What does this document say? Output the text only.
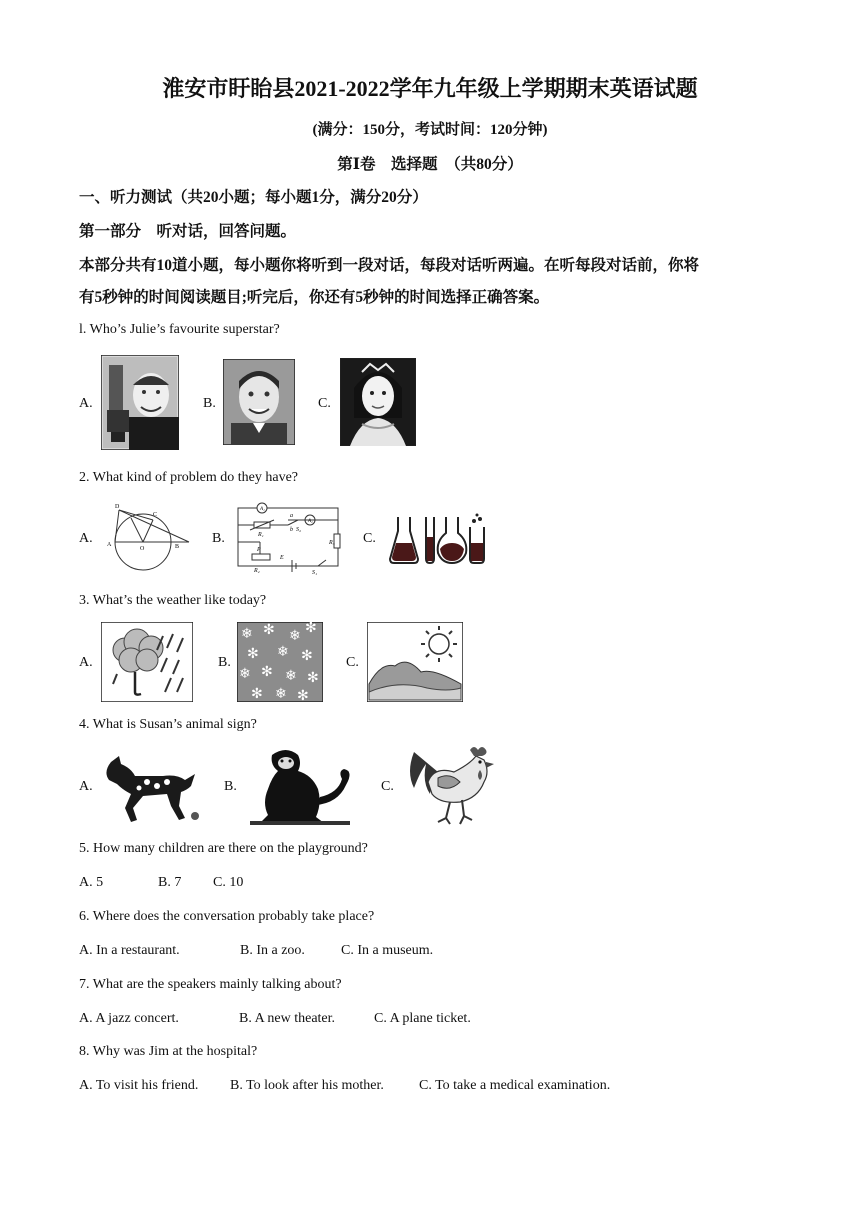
淮安市盱眙县2021-2022学年九年级上学期期末英语试题
(满分：150分，考试时间：120分钟)
第Ⅰ卷　选择题　（共80分）
一、听力测试（共20小题；每小题1分，满分20分）
第一部分　听对话，回答问题。
本部分共有10道小题，每小题你将听到一段对话，每段对话听两遍。在听每段对话前，你将
有5秒钟的时间阅读题目;听完后，你还有5秒钟的时间选择正确答案。
l. Who’s Julie’s favourite superstar?
A.	B.	C.
2. What kind of problem do they have?
A.	B.	C.
D
C
A
O	B
A₁
A₂
a
b S₂
R₁
R₃
P
E
R₂	S₁
3. What’s the weather like today?
A.	B.	C.
❄ ✻ ❄ ✻
✻ ❄ ✻
❄ ✻ ❄ ✻
✻ ❄ ✻
4. What is Susan’s animal sign?
A.	B.	C.
5. How many children are there on the playground?
A. 5	B. 7 C. 10
6. Where does the conversation probably take place?
A. In a restaurant.	B. In a zoo.	C. In a museum.
7. What are the speakers mainly talking about?
A. A jazz concert.	B. A new theater.	C. A plane ticket.
8. Why was Jim at the hospital?
A. To visit his friend. B. To look after his mother.	C. To take a medical examination.
